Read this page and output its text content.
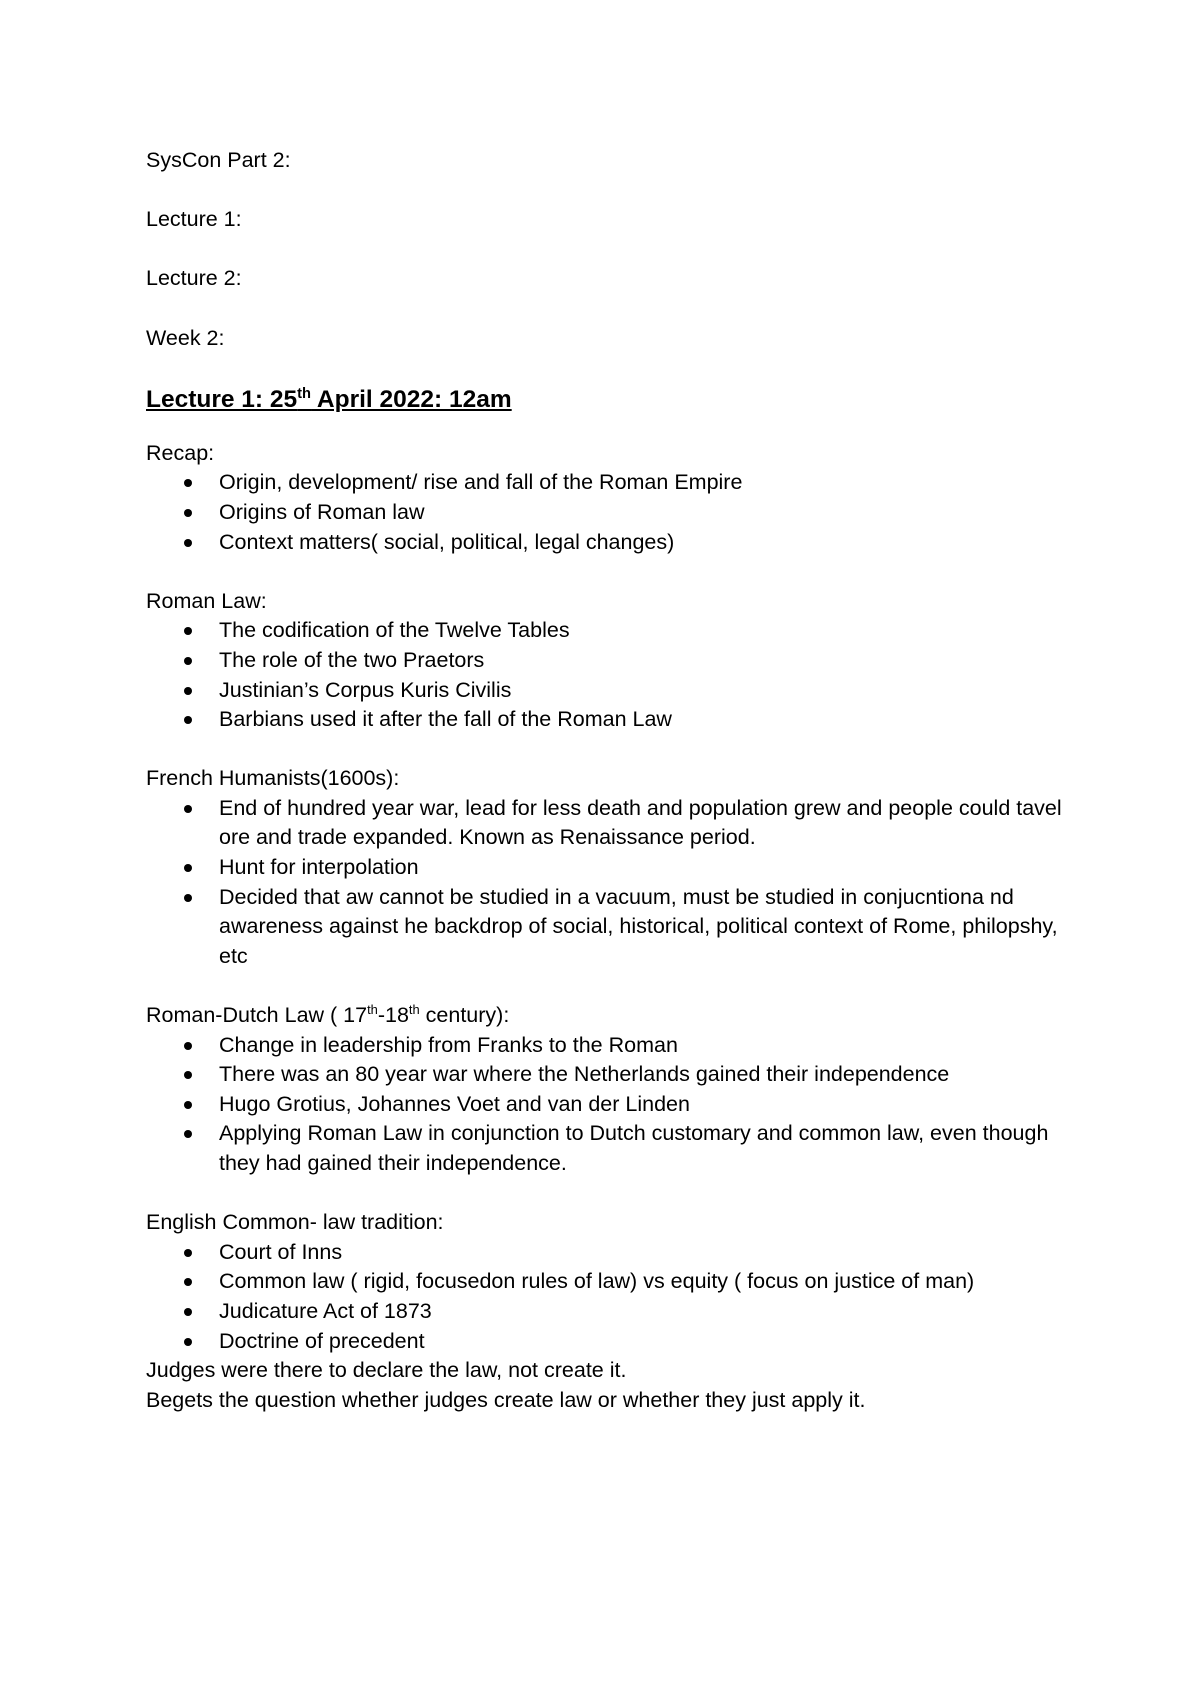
SysCon Part 2:
Lecture 1:
Lecture 2:
Week 2:
Lecture 1: 25th April 2022: 12am

Recap:

Origin, development/ rise and fall of the Roman Empire
Origins of Roman law
Context matters( social, political, legal changes)

Roman Law:

The codification of the Twelve Tables
The role of the two Praetors
Justinian’s Corpus Kuris Civilis
Barbians used it after the fall of the Roman Law

French Humanists(1600s):

End of hundred year war, lead for less death and population grew and people could tavel ore and trade expanded. Known as Renaissance period.
Hunt for interpolation
Decided that aw cannot be studied in a vacuum, must be studied in conjucntiona nd awareness against he backdrop of social, historical, political context of Rome, philopshy, etc

Roman-Dutch Law ( 17th-18th century):

Change in leadership from Franks to the Roman
There was an 80 year war where the Netherlands gained their independence
Hugo Grotius, Johannes Voet and van der Linden
Applying Roman Law in conjunction to Dutch customary and common law, even though they had gained their independence.

English Common- law tradition:

Court of Inns
Common law ( rigid, focusedon rules of law) vs equity ( focus on justice of man)
Judicature Act of 1873
Doctrine of precedent

Judges were there to declare the law, not create it.

Begets the question whether judges create law or whether they just apply it.
